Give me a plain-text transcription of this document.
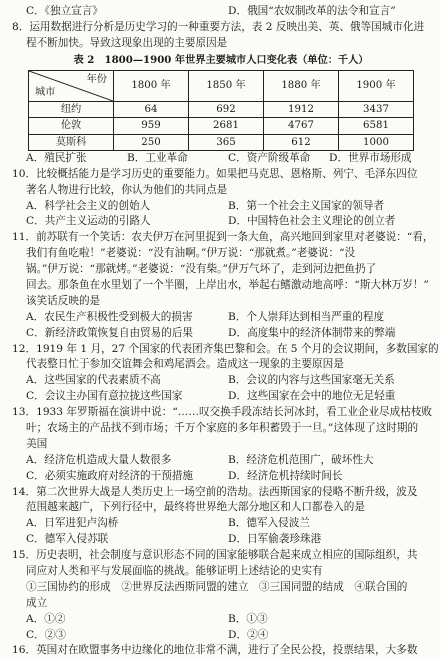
C．《独立宣言》	D．俄国“农奴制改革的法令和宣言”
8．运用数据进行分析是历史学习的一种重要方法，表 2 反映出美、英、俄等国城市化进
程不断加快。导致这现象出现的主要原因是
表 2　1800—1900 年世界主要城市人口变化表（单位：千人）
年份
城市	1800 年	1850 年	1880 年	1900 年
纽约	64	692	1912	3437
伦敦	959	2681	4767	6581
莫斯科	250	365	612	1000
A．殖民扩张	B．工业革命	C．资产阶级革命	D．世界市场形成
10．比较概括能力是学习历史的重要能力。如果把马克思、恩格斯、列宁、毛泽东四位
著名人物进行比较，你认为他们的共同点是
A．科学社会主义的创始人	B．第一个社会主义国家的领导者
C．共产主义运动的引路人	D．中国特色社会主义理论的创立者
11．前苏联有一个笑话：农夫伊万在河里捉到一条大鱼，高兴地回到家里对老婆说：“看，
我们有鱼吃啦！”老婆说：“没有油啊。”伊万说：“那就煮。”老婆说：“没
锅。”伊万说：“那就烤。”老婆说：“没有柴。”伊万气坏了，走到河边把鱼扔了
回去。那条鱼在水里划了一个半圈，上岸出水，举起右鳍激动地高呼：“斯大林万岁！”
该笑话反映的是
A．农民生产积极性受到极大的损害	B．个人崇拜达到相当严重的程度
C．新经济政策恢复自由贸易的后果	D．高度集中的经济体制带来的弊端
12．1919 年 1 月，27 个国家的代表团齐集巴黎和会。在 5 个月的会议期间，多数国家的
代表整日忙于参加交谊舞会和鸡尾酒会。造成这一现象的主要原因是
A．这些国家的代表素质不高	B．会议的内容与这些国家毫无关系
C．会议主办国有意拉拢这些国家	D．这些国家在会中的地位无足轻重
13．1933 年罗斯福在演讲中说：“……叹交换手段冻结长河冰封，看工业企业尽成枯枝败
叶；农场主的产品找不到市场；千万个家庭的多年积蓄毁于一旦。”这体现了这时期的
美国
A．经济危机造成大量人数很多	B．经济危机范围广，破坏性大
C．必须实施政府对经济的干预措施	D．经济危机持续时间长
14．第二次世界大战是人类历史上一场空前的浩劫。法西斯国家的侵略不断升级，波及
范围越来越广，下列行径中，最终将世界绝大部分地区和人口都卷入的是
A．日军进犯卢沟桥	B．德军入侵波兰
C．德军入侵苏联	D．日军偷袭珍珠港
15．历史表明，社会制度与意识形态不同的国家能够联合起来成立相应的国际组织，共
同应对人类和平与发展面临的挑战。能够证明上述结论的史实有
①三国协约的形成　②世界反法西斯同盟的建立　③三国同盟的结成　④联合国的
成立
A．①②	B．①③
C．②③	D．②④
16．英国对在欧盟事务中边缘化的地位非常不满，进行了全民公投，投票结果，大多数
